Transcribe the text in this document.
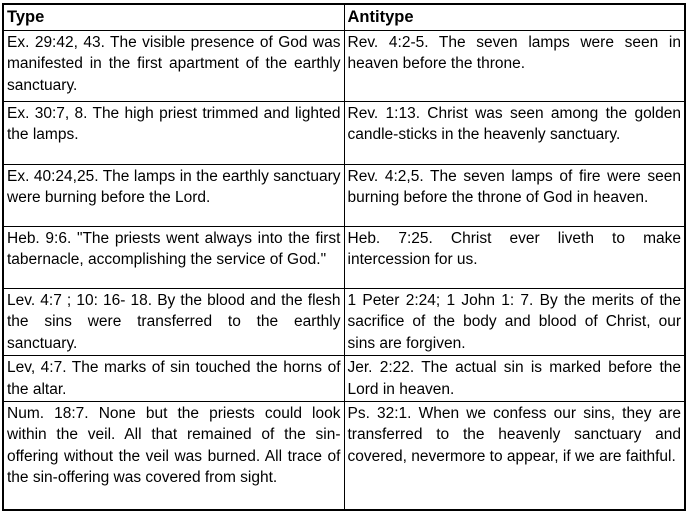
Type	Antitype
Ex. 29:42, 43. The visible presence of God was manifested in the first apartment of the earthly sanctuary.	Rev. 4:2-5. The seven lamps were seen in heaven before the throne.
Ex. 30:7, 8. The high priest trimmed and lighted the lamps.	Rev. 1:13. Christ was seen among the golden candle-sticks in the heavenly sanctuary.
Ex. 40:24,25. The lamps in the earthly sanctuary were burning before the Lord.	Rev. 4:2,5. The seven lamps of fire were seen burning before the throne of God in heaven.
Heb. 9:6. "The priests went always into the first tabernacle, accomplishing the service of God."	Heb. 7:25. Christ ever liveth to make intercession for us.
Lev. 4:7 ; 10: 16- 18. By the blood and the flesh the sins were transferred to the earthly sanctuary.	1 Peter 2:24; 1 John 1: 7. By the merits of the sacrifice of the body and blood of Christ, our sins are forgiven.
Lev, 4:7. The marks of sin touched the horns of the altar.	Jer. 2:22. The actual sin is marked before the Lord in heaven.
Num. 18:7. None but the priests could look within the veil. All that remained of the sin-offering without the veil was burned. All trace of the sin-offering was covered from sight.	Ps. 32:1. When we confess our sins, they are transferred to the heavenly sanctuary and covered, nevermore to appear, if we are faithful.
